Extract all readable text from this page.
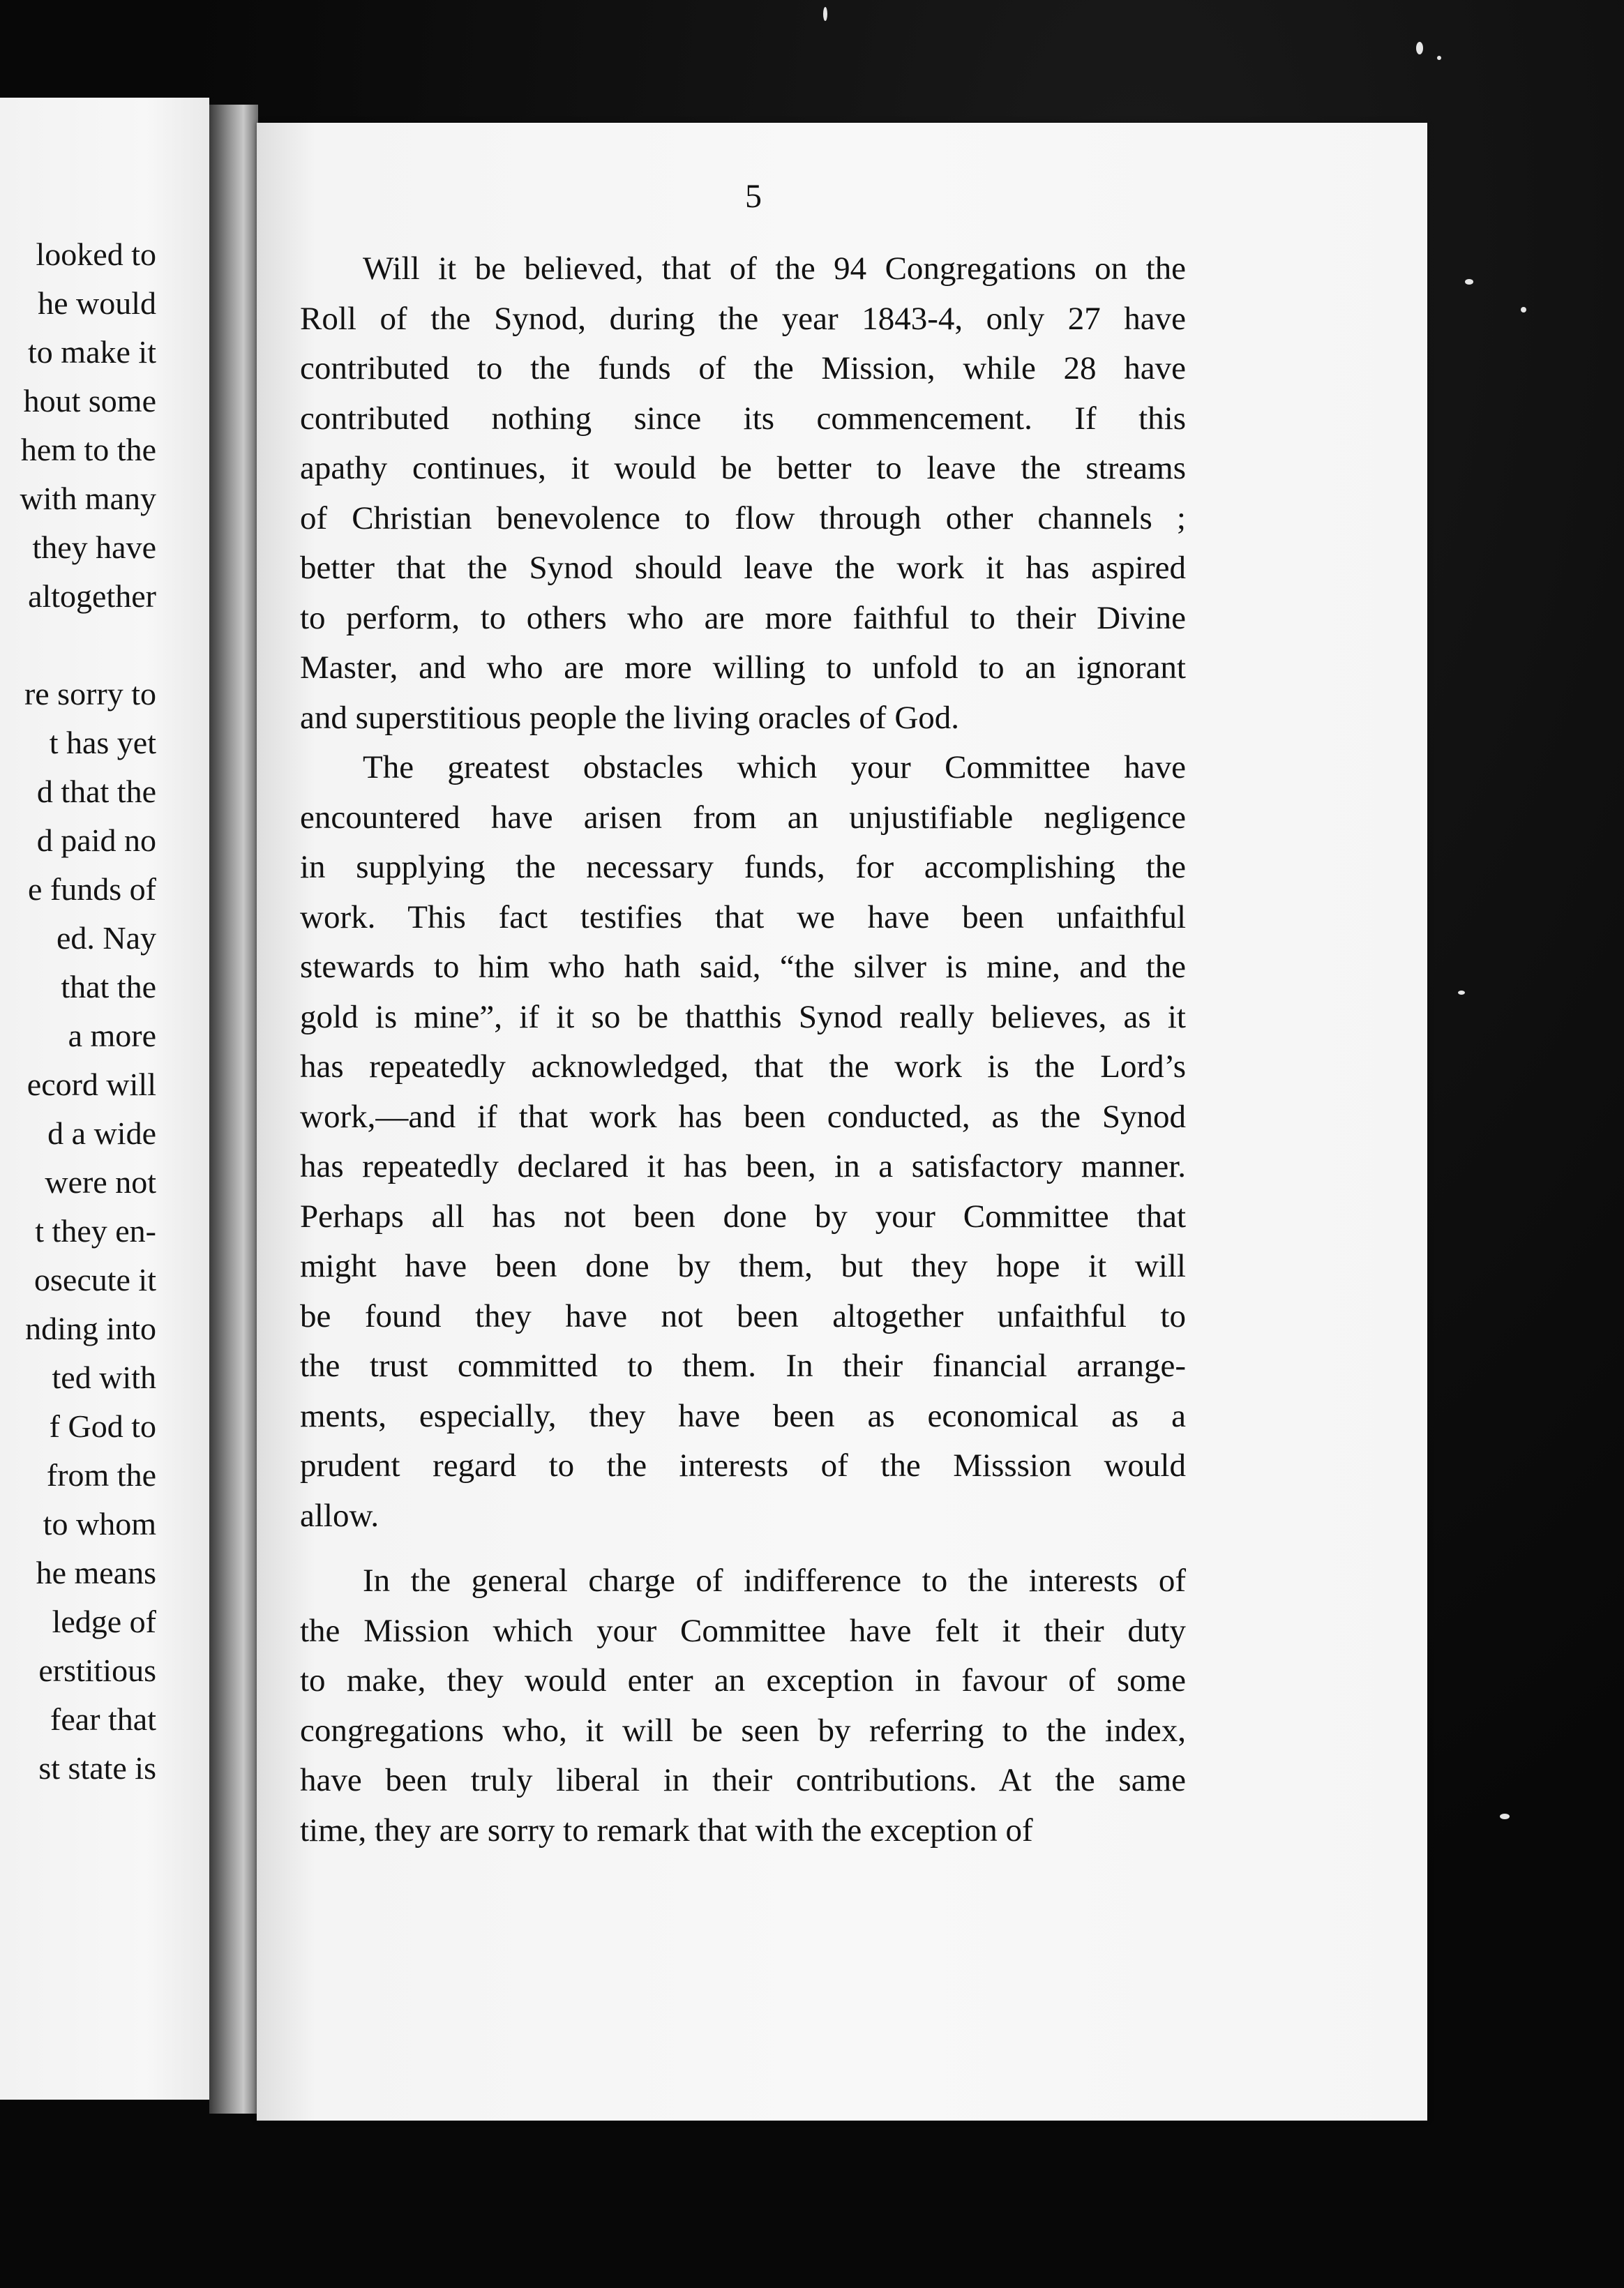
looked to
he would
to make it
hout some
hem to the
with many
they have
altogether
re sorry to
t has yet
d that the
d paid no
e funds of
ed. Nay
that the
a more
ecord will
d a wide
were not
t they en-
osecute it
nding into
ted with
f God to
from the
to whom
he means
ledge of
erstitious
fear that
st state is
5

Will it be believed, that of the 94 Congregations on the
Roll of the Synod, during the year 1843-4, only 27 have
contributed to the funds of the Mission, while 28 have
contributed nothing since its commencement. If this
apathy continues, it would be better to leave the streams
of Christian benevolence to flow through other channels ;
better that the Synod should leave the work it has aspired
to perform, to others who are more faithful to their Divine
Master, and who are more willing to unfold to an ignorant
and superstitious people the living oracles of God.

The greatest obstacles which your Committee have
encountered have arisen from an unjustifiable negligence
in supplying the necessary funds, for accomplishing the
work. This fact testifies that we have been unfaithful
stewards to him who hath said, “the silver is mine, and the
gold is mine”, if it so be thatthis Synod really believes, as it
has repeatedly acknowledged, that the work is the Lord’s
work,—and if that work has been conducted, as the Synod
has repeatedly declared it has been, in a satisfactory manner.
Perhaps all has not been done by your Committee that
might have been done by them, but they hope it will
be found they have not been altogether unfaithful to
the trust committed to them. In their financial arrange-
ments, especially, they have been as economical as a
prudent regard to the interests of the Misssion would
allow.

In the general charge of indifference to the interests of
the Mission which your Committee have felt it their duty
to make, they would enter an exception in favour of some
congregations who, it will be seen by referring to the index,
have been truly liberal in their contributions. At the same
time, they are sorry to remark that with the exception of
